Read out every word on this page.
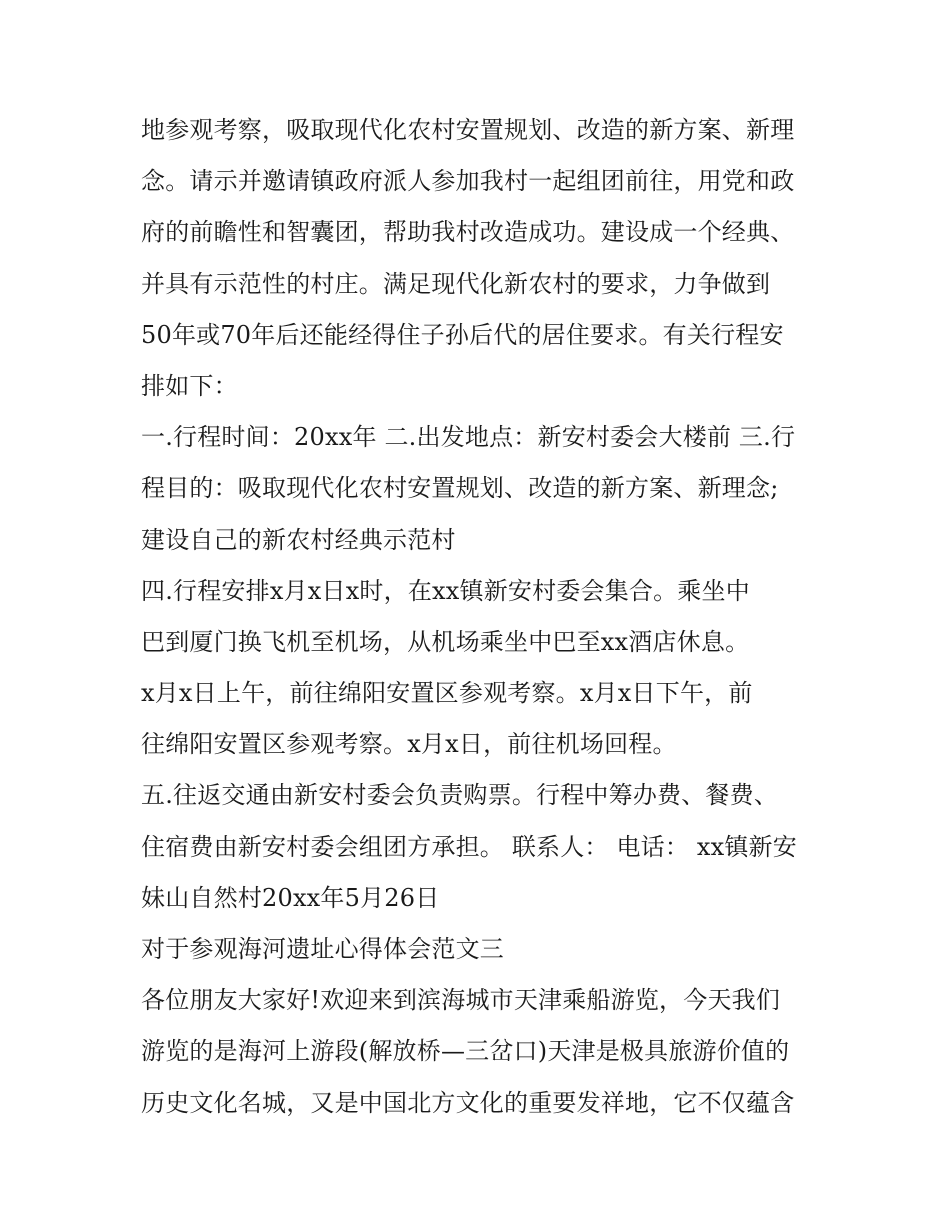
地参观考察，吸取现代化农村安置规划、改造的新方案、新理
念。请示并邀请镇政府派人参加我村一起组团前往，用党和政
府的前瞻性和智囊团，帮助我村改造成功。建设成一个经典、
并具有示范性的村庄。满足现代化新农村的要求，力争做到
50年或70年后还能经得住子孙后代的居住要求。有关行程安
排如下：
一.行程时间：20xx年 二.出发地点：新安村委会大楼前 三.行
程目的：吸取现代化农村安置规划、改造的新方案、新理念;
建设自己的新农村经典示范村
四.行程安排x月x日x时，在xx镇新安村委会集合。乘坐中
巴到厦门换飞机至机场，从机场乘坐中巴至xx酒店休息。
x月x日上午，前往绵阳安置区参观考察。x月x日下午，前
往绵阳安置区参观考察。x月x日，前往机场回程。
五.往返交通由新安村委会负责购票。行程中筹办费、餐费、
住宿费由新安村委会组团方承担。 联系人： 电话： xx镇新安
妹山自然村20xx年5月26日
对于参观海河遗址心得体会范文三
各位朋友大家好!欢迎来到滨海城市天津乘船游览，今天我们
游览的是海河上游段(解放桥—三岔口)天津是极具旅游价值的
历史文化名城，又是中国北方文化的重要发祥地，它不仅蕴含
